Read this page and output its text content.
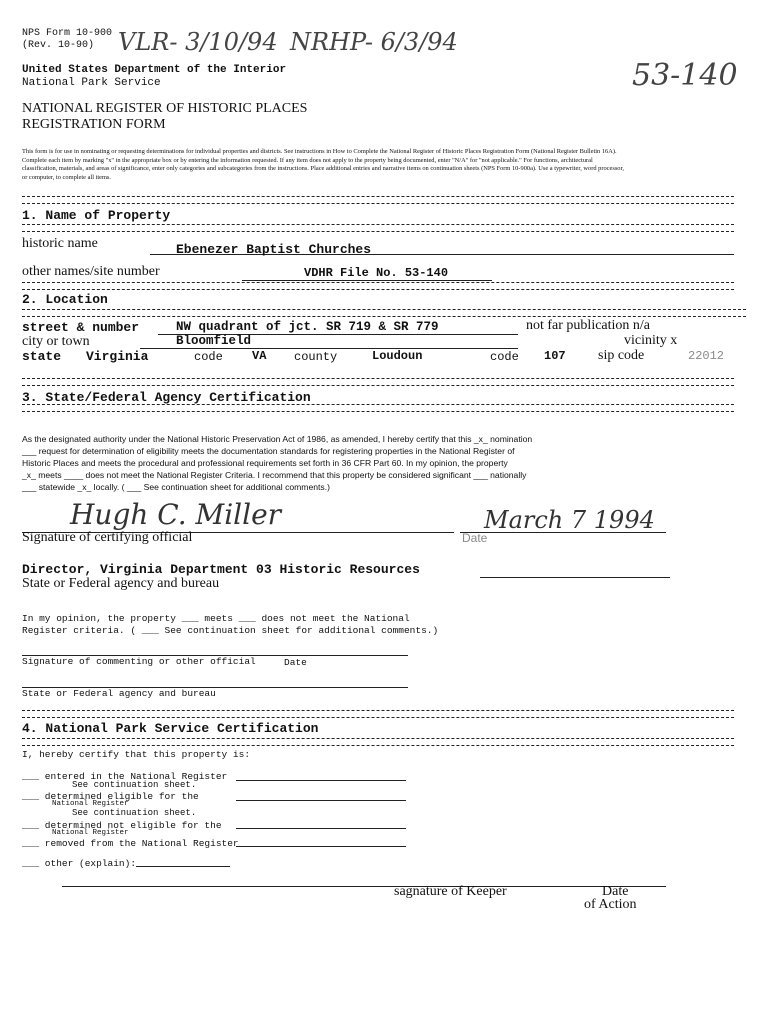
NPS Form 10-900
(Rev. 10-90) VLR- 3/10/94 NRHP- 6/3/94
United States Department of the Interior
National Park Service	53-140
NATIONAL REGISTER OF HISTORIC PLACES
REGISTRATION FORM
This form is for use in nominating or requesting determinations for individual properties and districts. See instructions in How to Complete the National Register of Historic Places Registration Form (National Register Bulletin 16A).
Complete each item by marking "x" in the appropriate box or by entering the information requested. If any item does not apply to the property being documented, enter "N/A" for "not applicable." For functions, architectural
classification, materials, and areas of significance, enter only categories and subcategories from the instructions. Place additional entries and narrative items on continuation sheets (NPS Form 10-900a). Use a typewriter, word processor,
or computer, to complete all items.
1. Name of Property
historic name	Ebenezer Baptist Churches
other names/site number	VDHR File No. 53-140
2. Location
street & number	NW quadrant of jct. SR 719 & SR 779	not far publication n/a
city or town	Bloomfield	vicinity x
state Virginia	code VA county	Loudoun	code 107 sip code	22012
3. State/Federal Agency Certification
As the designated authority under the National Historic Preservation Act of 1986, as amended, I hereby certify that this _x_ nomination
___ request for determination of eligibility meets the documentation standards for registering properties in the National Register of
Historic Places and meets the procedural and professional requirements set forth in 36 CFR Part 60. In my opinion, the property
_x_ meets ____ does not meet the National Register Criteria. I recommend that this property be considered significant ___ nationally
___ statewide _x_ locally. ( ___ See continuation sheet for additional comments.)
Hugh C. Miller	March 7 1994
Signature of certifying official	Date
Director, Virginia Department 03 Historic Resources
State or Federal agency and bureau
In my opinion, the property ___ meets ___ does not meet the National
Register criteria. ( ___ See continuation sheet for additional comments.)
Signature of commenting or other official	Date
State or Federal agency and bureau
4. National Park Service Certification
I, hereby certify that this property is:
___ entered in the National Register
See continuation sheet.
___ determined eligible for the
National Register
See continuation sheet.
___ determined not eligible for the
National Register
___ removed from the National Register
___ other (explain):
sagnature of Keeper	Date
of Action
